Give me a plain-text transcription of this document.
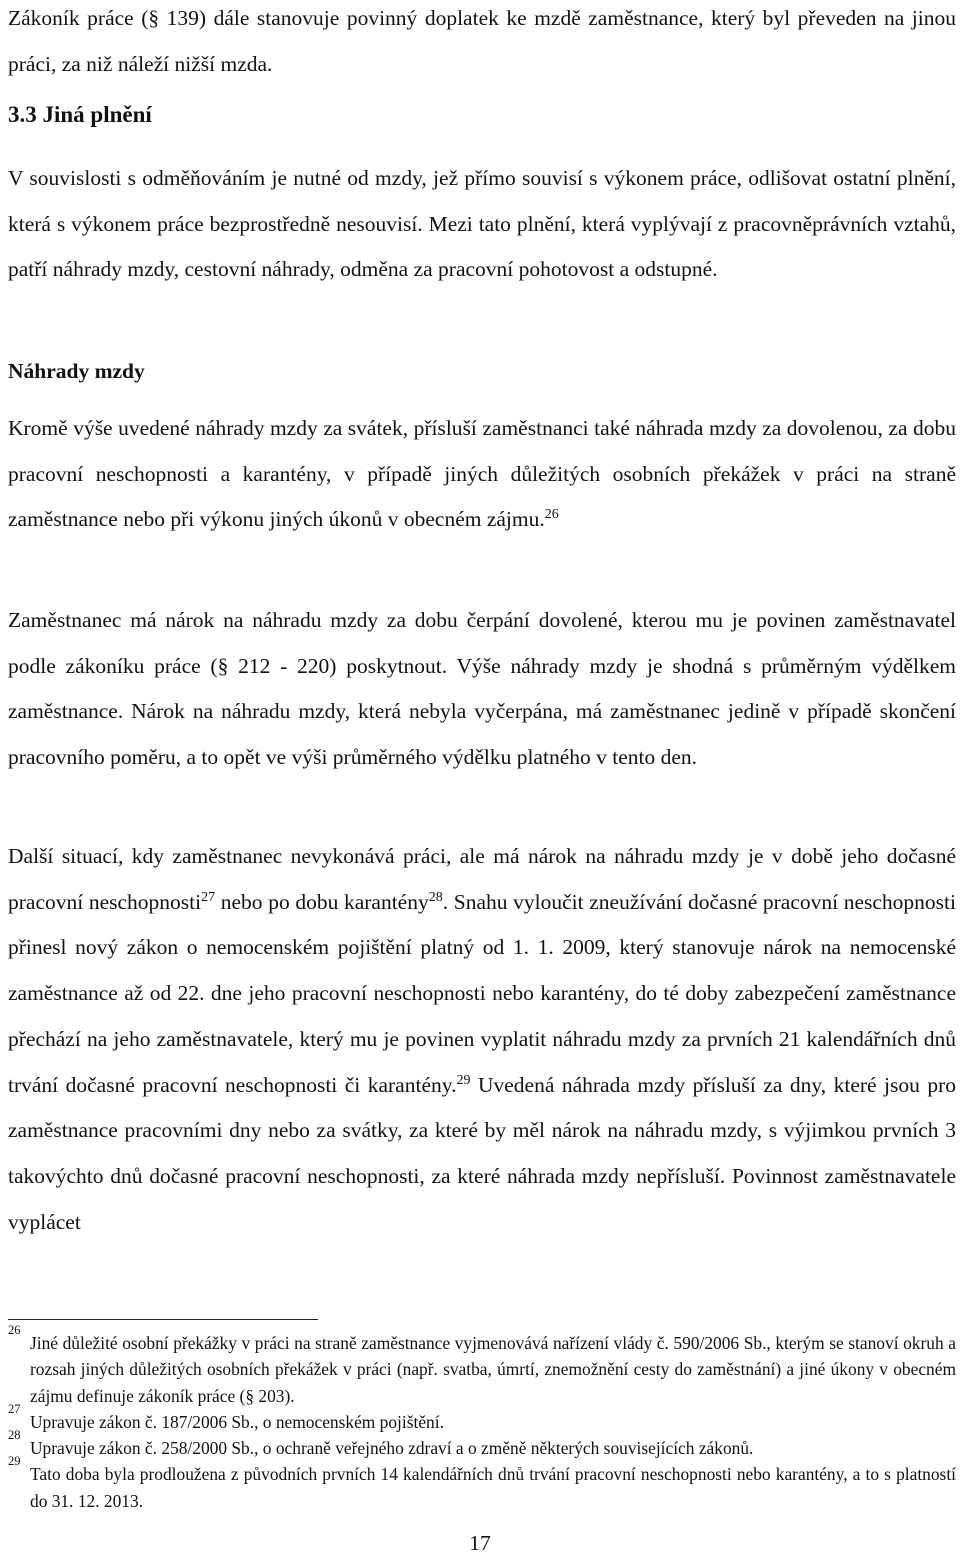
Zákoník práce (§ 139) dále stanovuje povinný doplatek ke mzdě zaměstnance, který byl převeden na jinou práci, za niž náleží nižší mzda.

3.3 Jiná plnění

V souvislosti s odměňováním je nutné od mzdy, jež přímo souvisí s výkonem práce, odlišovat ostatní plnění, která s výkonem práce bezprostředně nesouvisí. Mezi tato plnění, která vyplývají z pracovněprávních vztahů, patří náhrady mzdy, cestovní náhrady, odměna za pracovní pohotovost a odstupné.

Náhrady mzdy

Kromě výše uvedené náhrady mzdy za svátek, přísluší zaměstnanci také náhrada mzdy za dovolenou, za dobu pracovní neschopnosti a karantény, v případě jiných důležitých osobních překážek v práci na straně zaměstnance nebo při výkonu jiných úkonů v obecném zájmu.$^{26}$

Zaměstnanec má nárok na náhradu mzdy za dobu čerpání dovolené, kterou mu je povinen zaměstnavatel podle zákoníku práce (§ 212 - 220) poskytnout. Výše náhrady mzdy je shodná s průměrným výdělkem zaměstnance. Nárok na náhradu mzdy, která nebyla vyčerpána, má zaměstnanec jedině v případě skončení pracovního poměru, a to opět ve výši průměrného výdělku platného v tento den.

Další situací, kdy zaměstnanec nevykonává práci, ale má nárok na náhradu mzdy je v době jeho dočasné pracovní neschopnosti$^{27}$ nebo po dobu karantény$^{28}$. Snahu vyloučit zneužívání dočasné pracovní neschopnosti přinesl nový zákon o nemocenském pojištění platný od 1. 1. 2009, který stanovuje nárok na nemocenské zaměstnance až od 22. dne jeho pracovní neschopnosti nebo karantény, do té doby zabezpečení zaměstnance přechází na jeho zaměstnavatele, který mu je povinen vyplatit náhradu mzdy za prvních 21 kalendářních dnů trvání dočasné pracovní neschopnosti či karantény.$^{29}$ Uvedená náhrada mzdy přísluší za dny, které jsou pro zaměstnance pracovními dny nebo za svátky, za které by měl nárok na náhradu mzdy, s výjimkou prvních 3 takovýchto dnů dočasné pracovní neschopnosti, za které náhrada mzdy nepřísluší. Povinnost zaměstnavatele vyplácet

26
Jiné důležité osobní překážky v práci na straně zaměstnance vyjmenovává nařízení vlády č. 590/2006 Sb., kterým se stanoví okruh a rozsah jiných důležitých osobních překážek v práci (např. svatba, úmrtí, znemožnění cesty do zaměstnání) a jiné úkony v obecném zájmu definuje zákoník práce (§ 203).
27
Upravuje zákon č. 187/2006 Sb., o nemocenském pojištění.
28
Upravuje zákon č. 258/2000 Sb., o ochraně veřejného zdraví a o změně některých souvisejících zákonů.
29
Tato doba byla prodloužena z původních prvních 14 kalendářních dnů trvání pracovní neschopnosti nebo karantény, a to s platností do 31. 12. 2013.
17
